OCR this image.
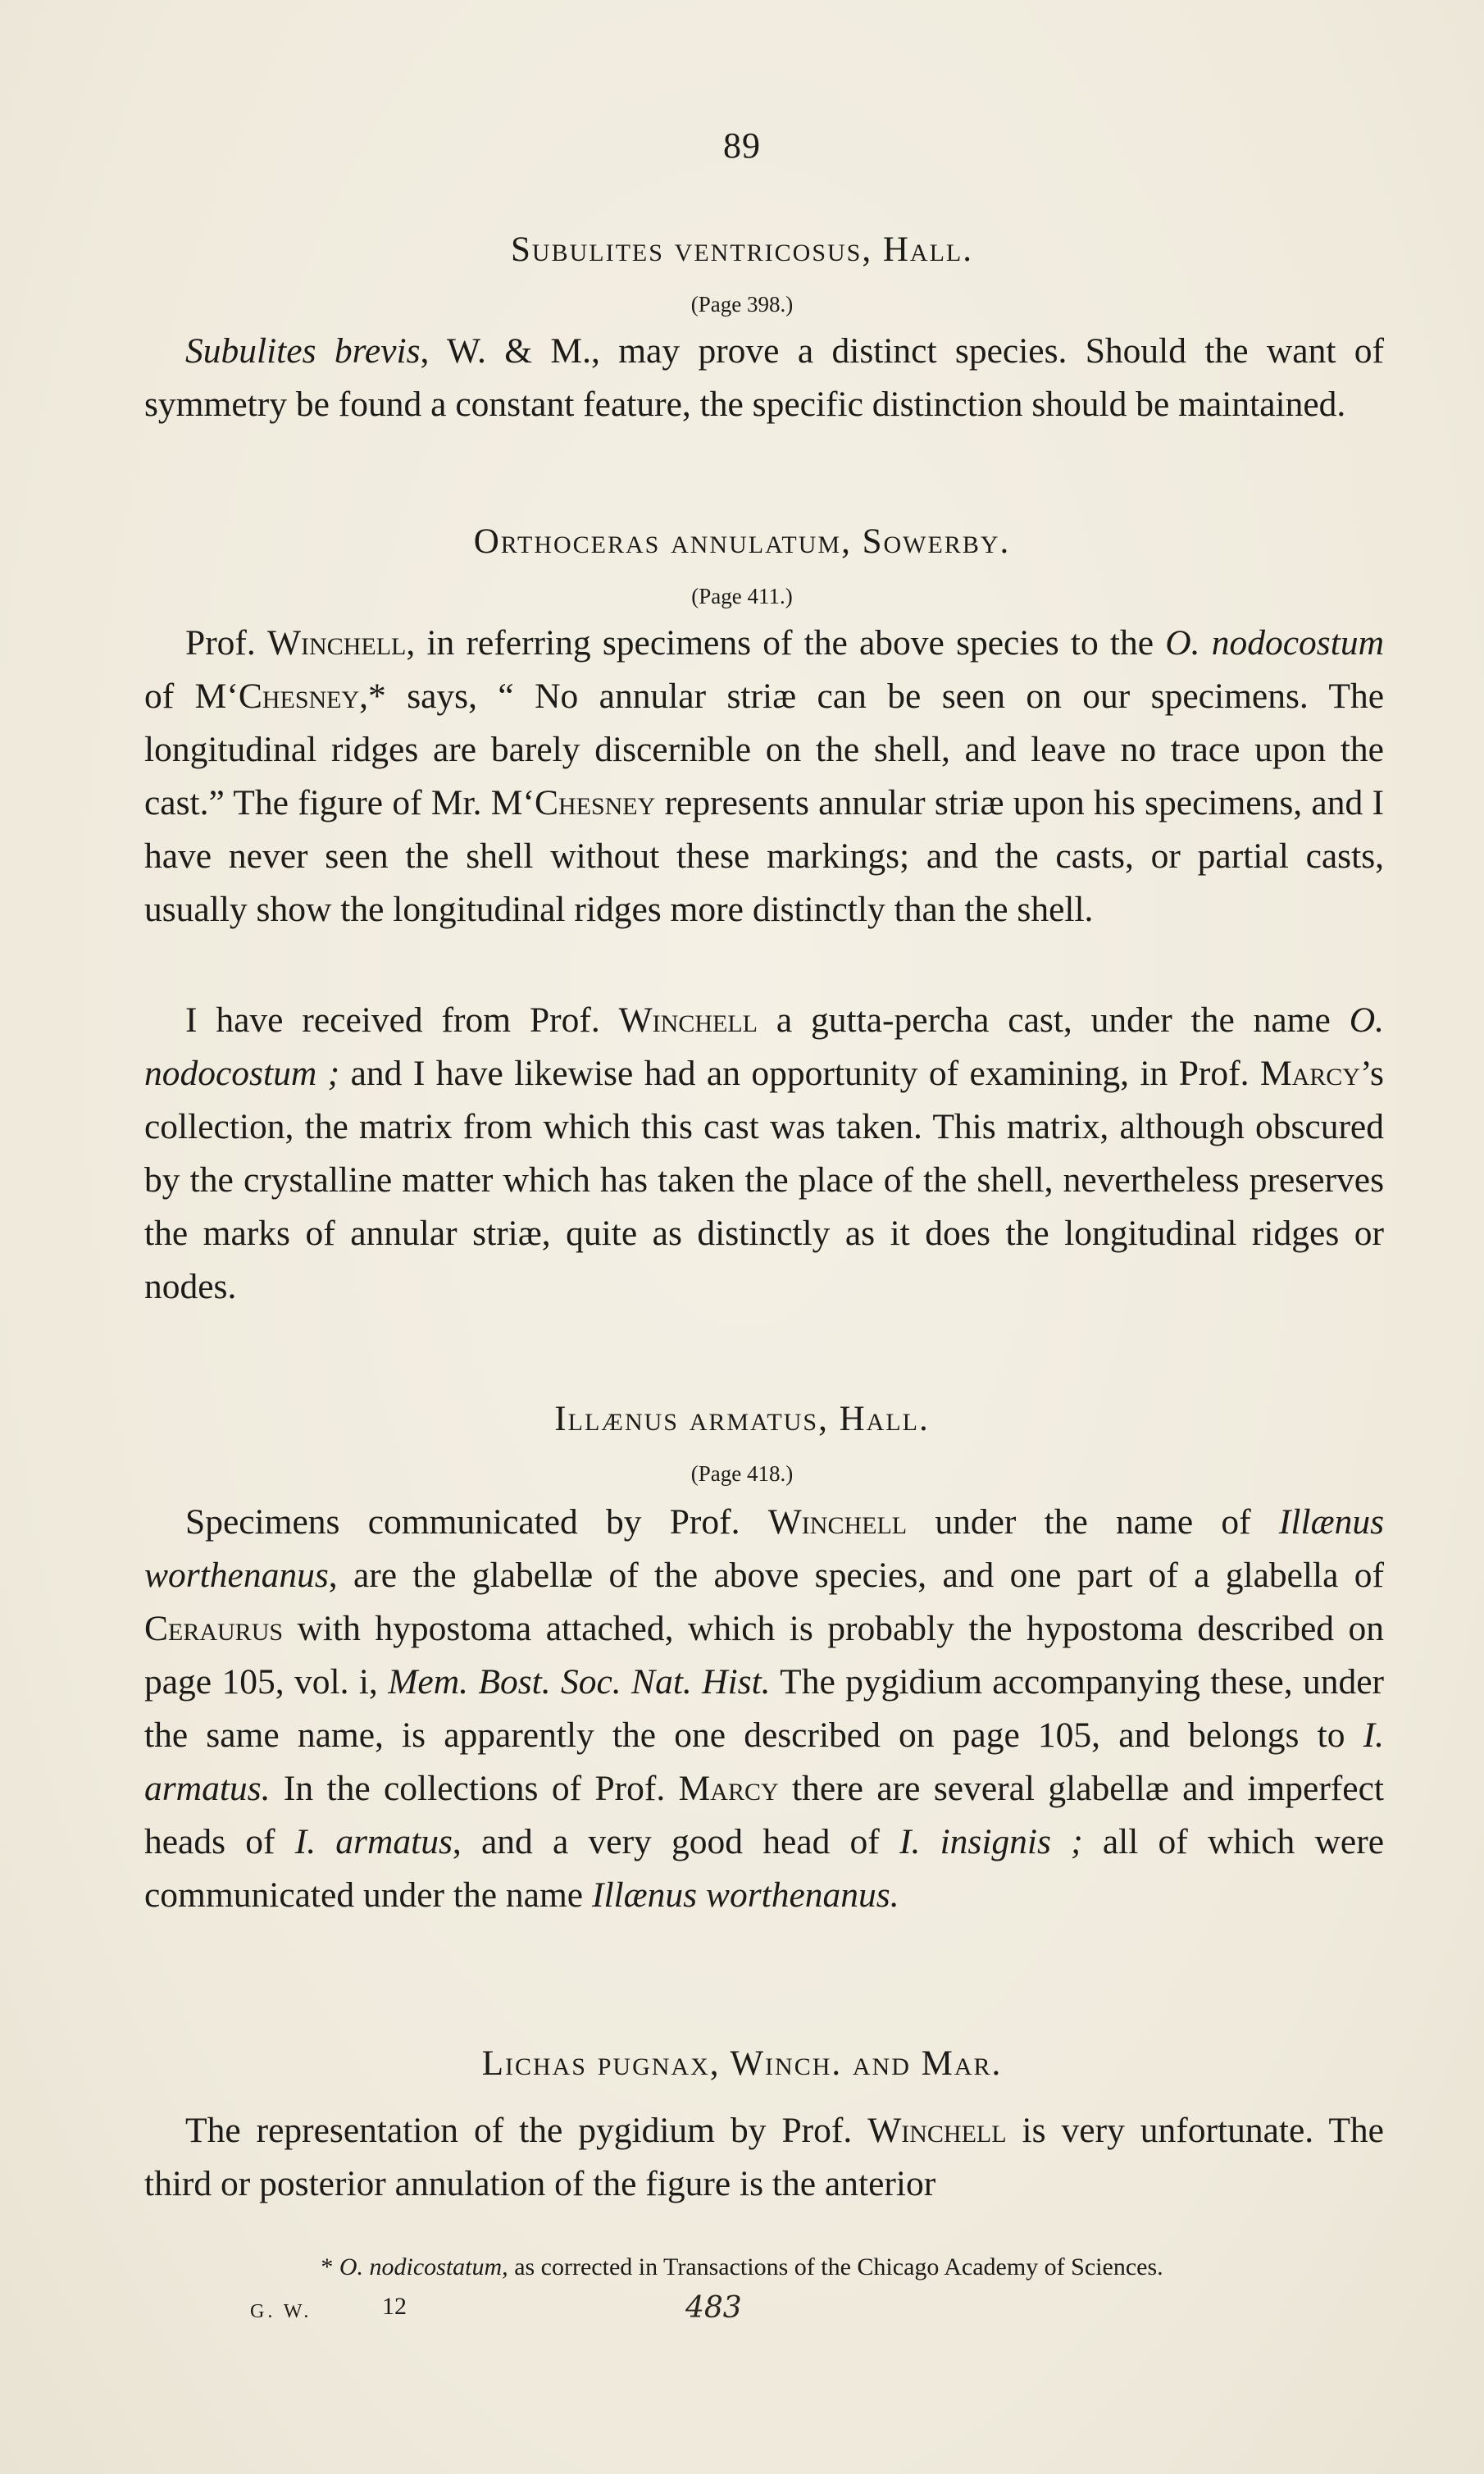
89
Subulites ventricosus, Hall.
(Page 398.)

Subulites brevis, W. & M., may prove a distinct species. Should the want of symmetry be found a constant feature, the specific distinction should be maintained.

Orthoceras annulatum, Sowerby.
(Page 411.)

Prof. Winchell, in referring specimens of the above species to the O. nodocostum of M‘Chesney,* says, “ No annular striæ can be seen on our specimens. The longitudinal ridges are barely discernible on the shell, and leave no trace upon the cast.” The figure of Mr. M‘Chesney represents annular striæ upon his specimens, and I have never seen the shell without these markings; and the casts, or partial casts, usually show the longitudinal ridges more distinctly than the shell.

I have received from Prof. Winchell a gutta-percha cast, under the name O. nodocostum ; and I have likewise had an opportunity of examining, in Prof. Marcy’s collection, the matrix from which this cast was taken. This matrix, although obscured by the crystalline matter which has taken the place of the shell, nevertheless preserves the marks of annular striæ, quite as distinctly as it does the longitudinal ridges or nodes.

Illænus armatus, Hall.
(Page 418.)

Specimens communicated by Prof. Winchell under the name of Illænus worthenanus, are the glabellæ of the above species, and one part of a glabella of Ceraurus with hypostoma attached, which is probably the hypostoma described on page 105, vol. i, Mem. Bost. Soc. Nat. Hist. The pygidium accompanying these, under the same name, is apparently the one described on page 105, and belongs to I. armatus. In the collections of Prof. Marcy there are several glabellæ and imperfect heads of I. armatus, and a very good head of I. insignis ; all of which were communicated under the name Illænus worthenanus.

Lichas pugnax, Winch. and Mar.

The representation of the pygidium by Prof. Winchell is very unfortunate. The third or posterior annulation of the figure is the anterior

* O. nodicostatum, as corrected in Transactions of the Chicago Academy of Sciences.
G. W.	12	483
